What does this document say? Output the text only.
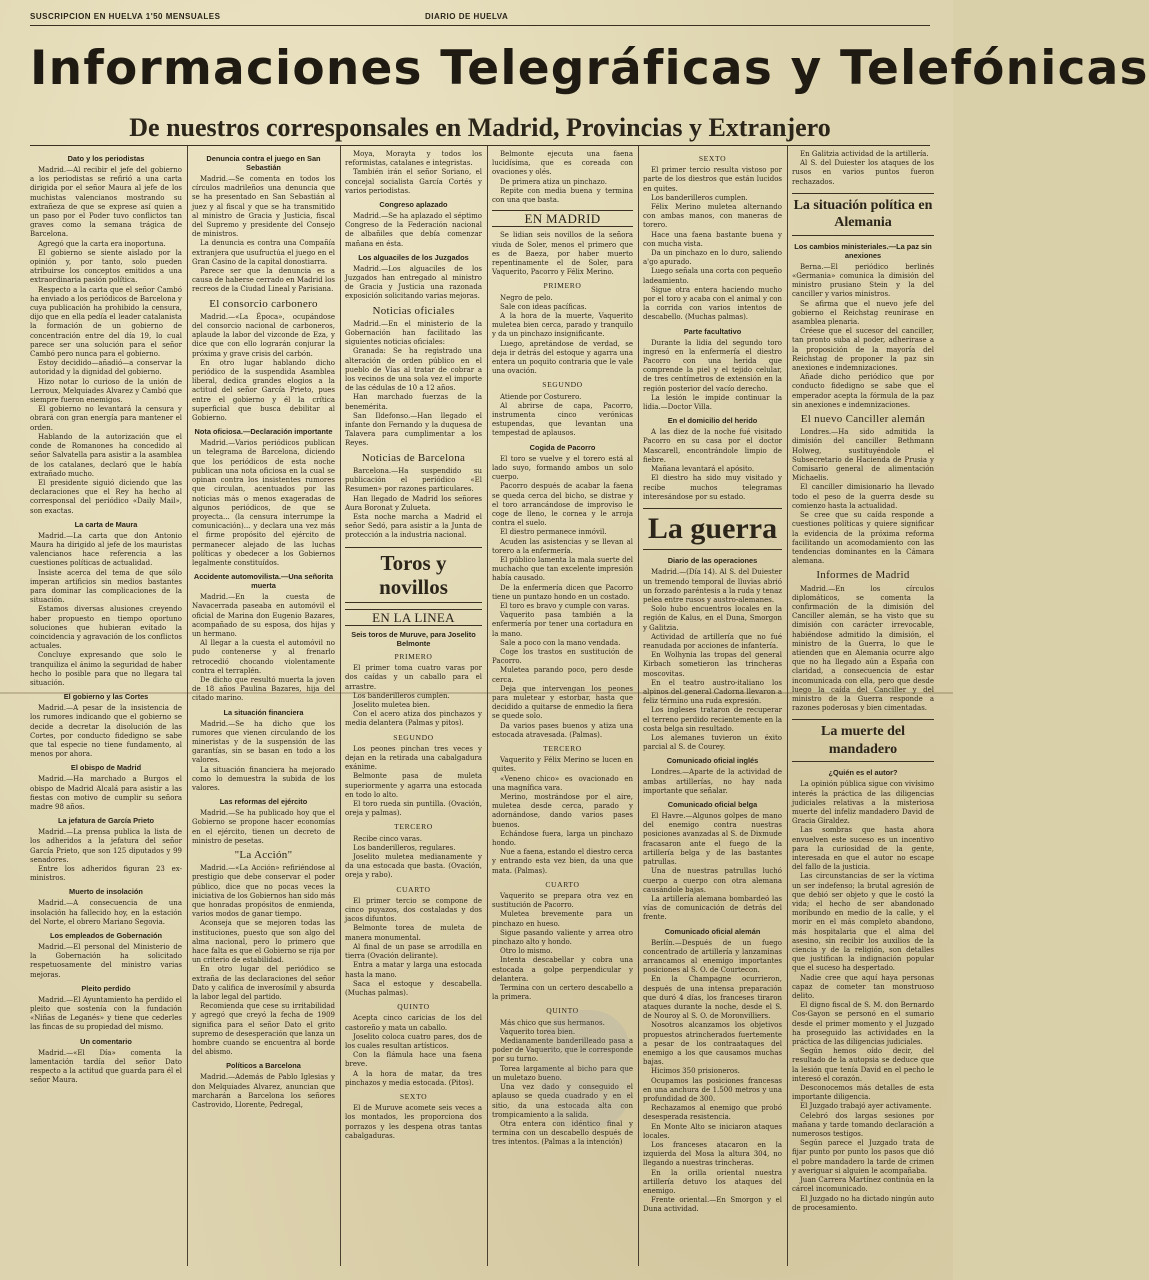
SUSCRIPCION EN HUELVA 1'50 MENSUALES	DIARIO DE HUELVA
Informaciones Telegráficas y Telefónicas
De nuestros corresponsales en Madrid, Provincias y Extranjero
Dato y los periodistas

Madrid.—Al recibir el jefe del gobierno a los periodistas se refirió a una carta dirigida por el señor Maura al jefe de los muchistas valencianos mostrando su extrañeza de que se exprese así quien a un paso por el Poder tuvo conflictos tan graves como la semana trágica de Barcelona.

Agregó que la carta era inoportuna.

El gobierno se siente aislado por la opinión y, por tanto, solo pueden atribuirse los conceptos emitidos a una extraordinaria pasión política.

Respecto a la carta que el señor Cambó ha enviado a los periódicos de Barcelona y cuya publicación ha prohibido la censura, dijo que en ella pedía el leader catalanista la formación de un gobierno de concentración entre del día 19, lo cual parece ser una solución para el señor Cambó pero nunca para el gobierno.

Estoy decidido—añadió—a conservar la autoridad y la dignidad del gobierno.

Hizo notar lo curioso de la unión de Lerroux, Melquiades Alvarez y Cambó que siempre fueron enemigos.

El gobierno no levantará la censura y obrará con gran energía para mantener el orden.

Hablando de la autorización que el conde de Romanones ha concedido al señor Salvatella para asistir a la asamblea de los catalanes, declaró que le había extrañado mucho.

El presidente siguió diciendo que las declaraciones que el Rey ha hecho al corresponsal del periódico «Daily Mail», son exactas.

La carta de Maura

Madrid.—La carta que don Antonio Maura ha dirigido al jefe de los mauristas valencianos hace referencia a las cuestiones políticas de actualidad.

Insiste acerca del tema de que sólo imperan artificios sin medios bastantes para dominar las complicaciones de la situación.

Estamos diversas alusiones creyendo haber propuesto en tiempo oportuno soluciones que hubieran evitado la coincidencia y agravación de los conflictos actuales.

Concluye expresando que solo le tranquiliza el ánimo la seguridad de haber hecho lo posible para que no llegara tal situación.

El gobierno y las Cortes

Madrid.—A pesar de la insistencia de los rumores indicando que el gobierno se decide a decretar la disolución de las Cortes, por conducto fidedigno se sabe que tal especie no tiene fundamento, al menos por ahora.

El obispo de Madrid

Madrid.—Ha marchado a Burgos el obispo de Madrid Alcalá para asistir a las fiestas con motivo de cumplir su señora madre 98 años.

La jefatura de García Prieto

Madrid.—La prensa publica la lista de los adheridos a la jefatura del señor García Prieto, que son 125 diputados y 99 senadores.

Entre los adheridos figuran 23 ex-ministros.

Muerto de insolación

Madrid.—A consecuencia de una insolación ha fallecido hoy, en la estación del Norte, el obrero Mariano Segovia.

Los empleados de Gobernación

Madrid.—El personal del Ministerio de la Gobernación ha solicitado respetuosamente del ministro varias mejoras.

Pleito perdido

Madrid.—El Ayuntamiento ha perdido el pleito que sostenía con la fundación «Niñas de Leganés» y tiene que cederles las fincas de su propiedad del mismo.

Un comentario

Madrid.—«El Día» comenta la lamentación tardía del señor Dato respecto a la actitud que guarda para él el señor Maura.

Denuncia contra el juego en San Sebastián

Madrid.—Se comenta en todos los círculos madrileños una denuncia que se ha presentado en San Sebastián al juez y al fiscal y que se ha transmitido al ministro de Gracia y Justicia, fiscal del Supremo y presidente del Consejo de ministros.

La denuncia es contra una Compañía extranjera que usufructúa el juego en el Gran Casino de la capital donostiarra.

Parece ser que la denuncia es a causa de haberse cerrado en Madrid los recreos de la Ciudad Lineal y Parisiana.

El consorcio carbonero

Madrid.—«La Época», ocupándose del consorcio nacional de carboneros, aplaude la labor del vizconde de Eza, y dice que con ello lograrán conjurar la próxima y grave crisis del carbón.

En otro lugar hablando dicho periódico de la suspendida Asamblea liberal, dedica grandes elogios a la actitud del señor García Prieto, pues entre el gobierno y él la crítica superficial que busca debilitar al Gobierno.

Nota oficiosa.—Declaración importante

Madrid.—Varios periódicos publican un telegrama de Barcelona, diciendo que los periódicos de esta noche publican una nota oficiosa en la cual se opinan contra los insistentes rumores que circulan, acentuados por las noticias más o menos exageradas de algunos periódicos, de que se proyecta... (la censura interrumpe la comunicación)... y declara una vez más el firme propósito del ejército de permanecer alejado de las luchas políticas y obedecer a los Gobiernos legalmente constituídos.

Accidente automovilista.—Una señorita muerta

Madrid.—En la cuesta de Navacerrada paseaba en automóvil el oficial de Marina don Eugenio Bazares, acompañado de su esposa, dos hijas y un hermano.

Al llegar a la cuesta el automóvil no pudo contenerse y al frenarlo retrocedió chocando violentamente contra el terraplén.

De dicho que resultó muerta la joven de 18 años Paulina Bazares, hija del citado marino.

La situación financiera

Madrid.—Se ha dicho que los rumores que vienen circulando de los mineristas y de la suspensión de las garantías, sin se basan en todo a los valores.

La situación financiera ha mejorado como lo demuestra la subida de los valores.

Las reformas del ejército

Madrid.—Se ha publicado hoy que el Gobierno se propone hacer economías en el ejército, tienen un decreto de ministro de pesetas.

"La Acción"

Madrid.—«La Acción» refiriéndose al prestigio que debe conservar el poder público, dice que no pocas veces la iniciativa de los Gobiernos han sido más que honradas propósitos de enmienda, varios modos de ganar tiempo.

Aconseja que se mejoren todas las instituciones, puesto que son algo del alma nacional, pero lo primero que hace falta es que el Gobierno se rija por un criterio de estabilidad.

En otro lugar del periódico se extraña de las declaraciones del señor Dato y califica de inverosímil y absurda la labor legal del partido.

Recomienda que cese su irritabilidad y agregó que creyó la fecha de 1909 significa para el señor Dato el grito supremo de desesperación que lanza un hombre cuando se encuentra al borde del abismo.

Políticos a Barcelona

Madrid.—Además de Pablo Iglesias y don Melquiades Alvarez, anuncian que marcharán a Barcelona los señores Castrovido, Llorente, Pedregal,

Moya, Morayta y todos los reformistas, catalanes e integristas.

También irán el señor Soriano, el concejal socialista García Cortés y varios periodistas.

Congreso aplazado

Madrid.—Se ha aplazado el séptimo Congreso de la Federación nacional de albañiles que debía comenzar mañana en ésta.

Los alguaciles de los Juzgados

Madrid.—Los alguaciles de los Juzgados han entregado al ministro de Gracia y Justicia una razonada exposición solicitando varias mejoras.

Noticias oficiales

Madrid.—En el ministerio de la Gobernación han facilitado las siguientes noticias oficiales:

Granada: Se ha registrado una alteración de orden público en el pueblo de Vías al tratar de cobrar a los vecinos de una sola vez el importe de las cédulas de 10 a 12 años.

Han marchado fuerzas de la benemérita.

San Ildefonso.—Han llegado el infante don Fernando y la duquesa de Talavera para cumplimentar a los Reyes.

Noticias de Barcelona

Barcelona.—Ha suspendido su publicación el periódico «El Resumen» por razones particulares.

Han llegado de Madrid los señores Aura Boronat y Zulueta.

Esta noche marcha a Madrid el señor Sedó, para asistir a la Junta de protección a la industria nacional.

Toros y novillos
EN LA LINEA
Seis toros de Muruve, para Joselito Belmonte
PRIMERO

El primer toma cuatro varas por dos caídas y un caballo para el arrastre.

Los banderilleros cumplen.

Joselito muletea bien.

Con el acero atiza dos pinchazos y media delantera (Palmas y pitos).

SEGUNDO

Los peones pinchan tres veces y dejan en la retirada una cabalgadura exánime.

Belmonte pasa de muleta superiormente y agarra una estocada en todo lo alto.

El toro rueda sin puntilla. (Ovación, oreja y palmas).

TERCERO

Recibe cinco varas.

Los banderilleros, regulares.

Joselito muletea medianamente y da una estocada que basta. (Ovación, oreja y rabo).

CUARTO

El primer tercio se compone de cinco puyazos, dos costaladas y dos jacos difuntos.

Belmonte torea de muleta de manera monumental.

Al final de un pase se arrodilla en tierra (Ovación delirante).

Entra a matar y larga una estocada hasta la mano.

Saca el estoque y descabella. (Muchas palmas).

QUINTO

Acepta cinco caricias de los del castoreño y mata un caballo.

Joselito coloca cuatro pares, dos de los cuales resultan artísticos.

Con la flámula hace una faena breve.

A la hora de matar, da tres pinchazos y media estocada. (Pitos).

SEXTO

El de Muruve acomete seis veces a los montados, les proporciona dos porrazos y les despena otras tantas cabalgaduras.

Belmonte ejecuta una faena lucidísima, que es coreada con ovaciones y olés.

De primera atiza un pinchazo.

Repite con media buena y termina con una que basta.

EN MADRID

Se lidian seis novillos de la señora viuda de Soler, menos el primero que es de Baeza, por haber muerto repentinamente el de Soler, para Vaquerito, Pacorro y Félix Merino.

PRIMERO

Negro de pelo.

Sale con ideas pacíficas.

A la hora de la muerte, Vaquerito muletea bien cerca, parado y tranquilo y da un pinchazo insignificante.

Luego, apretándose de verdad, se deja ir detrás del estoque y agarra una entera un poquito contraria que le vale una ovación.

SEGUNDO

Atiende por Costurero.

Al abrirse de capa, Pacorro, instrumenta cinco verónicas estupendas, que levantan una tempestad de aplausos.

Cogida de Pacorro

El toro se vuelve y el torero está al lado suyo, formando ambos un solo cuerpo.

Pacorro después de acabar la faena se queda cerca del bicho, se distrae y el toro arrancándose de improviso le coge de lleno, le cornea y le arroja contra el suelo.

El diestro permanece inmóvil.

Acuden las asistencias y se llevan al torero a la enfermería.

El público lamenta la mala suerte del muchacho que tan excelente impresión había causado.

De la enfermería dicen que Pacorro tiene un puntazo hondo en un costado.

El toro es bravo y cumple con varas.

Vaquerito pasa también a la enfermería por tener una cortadura en la mano.

Sale a poco con la mano vendada.

Coge los trastos en sustitución de Pacorro.

Muletea parando poco, pero desde cerca.

Deja que intervengan los peones para muletear y estorbar, hasta que decidido a quitarse de enmedio la fiera se quede solo.

Da varios pases buenos y atiza una estocada atravesada. (Palmas).

TERCERO

Vaquerito y Félix Merino se lucen en quites.

«Veneno chico» es ovacionado en una magnífica vara.

Merino, mostrándose por el aire, muletea desde cerca, parado y adornándose, dando varios pases buenos.

Echándose fuera, larga un pinchazo hondo.

Nue a faena, estando el diestro cerca y entrando esta vez bien, da una que mata. (Palmas).

CUARTO

Vaquerito se prepara otra vez en sustitución de Pacorro.

Muletea brevemente para un pinchazo en hueso.

Sigue pasando valiente y arrea otro pinchazo alto y hondo.

Otro lo mismo.

Intenta descabellar y cobra una estocada a golpe perpendicular y delantera.

Termina con un certero descabello a la primera.

QUINTO

Más chico que sus hermanos.

Vaquerito torea bien.

Medianamente banderilleado pasa a poder de Vaquerito, que le corresponde por su turno.

Torea largamente al bicho para que un muletazo bueno.

Una vez dado y conseguido el aplauso se queda cuadrado y en el sitio, da una estocada alta con trompicamiento a la salida.

Otra entera con idéntico final y termina con un descabello después de tres intentos. (Palmas a la intención)

SEXTO

El primer tercio resulta vistoso por parte de los diestros que están lucidos en quites.

Los banderilleros cumplen.

Félix Merino muletea alternando con ambas manos, con maneras de torero.

Hace una faena bastante buena y con mucha vista.

Da un pinchazo en lo duro, saliendo a'go apurado.

Luego señala una corta con pequeño ladeamiento.

Sigue otra entera haciendo mucho por el toro y acaba con el animal y con la corrida con varios intentos de descabello. (Muchas palmas).

Parte facultativo

Durante la lidia del segundo toro ingresó en la enfermería el diestro Pacorro con una herida que comprende la piel y el tejido celular, de tres centímetros de extensión en la región posterior del vacío derecho.

La lesión le impide continuar la lidia.—Doctor Villa.

En el domicilio del herido

A las diez de la noche fué visitado Pacorro en su casa por el doctor Mascarell, encontrándole limpio de fiebre.

Mañana levantará el apósito.

El diestro ha sido muy visitado y recibe muchos telegramas interesándose por su estado.

La guerra
Diario de las operaciones

Madrid.—(Día 14). Al S. del Duiester un tremendo temporal de lluvias abrió un forzado paréntesis a la ruda y tenaz pelea entre rusos y austro-alemanes.

Solo hubo encuentros locales en la región de Kalus, en el Duna, Smorgon y Galitzia.

Actividad de artillería que no fué reanudada por acciones de infantería.

En Wolhynia las tropas del general Kirbach sometieron las trincheras moscovitas.

En el teatro austro-italiano los alpinos del general Cadorna llevaron a feliz término una ruda expresión.

Los ingleses trataron de recuperar el terreno perdido recientemente en la costa belga sin resultado.

Los alemanes tuvieron un éxito parcial al S. de Courey.

Comunicado oficial inglés

Londres.—Aparte de la actividad de ambas artillerías, no hay nada importante que señalar.

Comunicado oficial belga

El Havre.—Algunos golpes de mano del enemigo contra nuestras posiciones avanzadas al S. de Dixmude fracasaron ante el fuego de la artillería belga y de las bastantes patrullas.

Una de nuestras patrullas luchó cuerpo a cuerpo con otra alemana causándole bajas.

La artillería alemana bombardeó las vías de comunicación de detrás del frente.

Comunicado oficial alemán

Berlín.—Después de un fuego concentrado de artillería y lanzaminas arrancamos al enemigo importantes posiciones al S. O. de Courtecon.

En la Champagne ocurrieron, después de una intensa preparación que duró 4 días, los franceses tiraron ataques durante la noche, desde el S. de Nouroy al S. O. de Moronvilliers.

Nosotros alcanzamos los objetivos propuestos atrincherados fuertemente a pesar de los contraataques del enemigo a los que causamos muchas bajas.

Hicimos 350 prisioneros.

Ocupamos las posiciones francesas en una anchura de 1.500 metros y una profundidad de 300.

Rechazamos al enemigo que probó desesperada resistencia.

En Monte Alto se iniciaron ataques locales.

Los franceses atacaron en la izquierda del Mosa la altura 304, no llegando a nuestras trincheras.

En la orilla oriental nuestra artillería detuvo los ataques del enemigo.

Frente oriental.—En Smorgon y el Duna actividad.

En Galitzia actividad de la artillería.

Al S. del Duiester los ataques de los rusos en varios puntos fueron rechazados.

La situación política en Alemania
Los cambios ministeriales.—La paz sin anexiones

Berna.—El periódico berlinés «Germania» comunica la dimisión del ministro prusiano Stein y la del canciller y varios ministros.

Se afirma que el nuevo jefe del gobierno el Reichstag reunirase en asamblea plenaria.

Créese que el sucesor del canciller, tan pronto suba al poder, adherirase a la proposición de la mayoría del Reichstag de proponer la paz sin anexiones e indemnizaciones.

Añade dicho periódico que por conducto fidedigno se sabe que el emperador acepta la fórmula de la paz sin anexiones e indemnizaciones.

El nuevo Canciller alemán

Londres.—Ha sido admitida la dimisión del canciller Bethmann Holweg, sustituyéndole el Subsecretario de Hacienda de Prusia y Comisario general de alimentación Michaelis.

El canciller dimisionario ha llevado todo el peso de la guerra desde su comienzo hasta la actualidad.

Se cree que su caída responde a cuestiones políticas y quiere significar la evidencia de la próxima reforma facilitando un acomodamiento con las tendencias dominantes en la Cámara alemana.

Informes de Madrid

Madrid.—En los círculos diplomáticos, se comenta la confirmación de la dimisión del Canciller alemán, se ha visto que su dimisión con carácter irrevocable, habiéndose admitido la dimisión, el ministro de la Guerra, lo que le atienden que en Alemania ocurre algo que no ha llegado aún a España con claridad, a consecuencia de estar incomunicada con ella, pero que desde luego la caída del Canciller y del ministro de la Guerra responde a razones poderosas y bien cimentadas.

La muerte del mandadero
¿Quién es el autor?

La opinión pública sigue con vivísimo interés la práctica de las diligencias judiciales relativas a la misteriosa muerte del infeliz mandadero David de Gracia Giraldez.

Las sombras que hasta ahora envuelven este suceso es un incentivo para la curiosidad de la gente, interesada en que el autor no escape del fallo de la justicia.

Las circunstancias de ser la víctima un ser indefenso; la brutal agresión de que debió ser objeto y que le costó la vida; el hecho de ser abandonado moribundo en medio de la calle, y el morir en el más completo abandono, más hospitalaria que el alma del asesino, sin recibir los auxilios de la ciencia y de la religión, son detalles que justifican la indignación popular que el suceso ha despertado.

Nadie cree que aquí haya personas capaz de cometer tan monstruoso delito.

El digno fiscal de S. M. don Bernardo Cos-Gayon se personó en el sumario desde el primer momento y el Juzgado ha proseguido las actividades en la práctica de las diligencias judiciales.

Según hemos oído decir, del resultado de la autopsia se deduce que la lesión que tenía David en el pecho le interesó el corazón.

Desconocemos más detalles de esta importante diligencia.

El Juzgado trabajó ayer activamente.

Celebró dos largas sesiones por mañana y tarde tomando declaración a numerosos testigos.

Según parece el Juzgado trata de fijar punto por punto los pasos que dió el pobre mandadero la tarde de crimen y averiguar si alguien le acompañaba.

Juan Carrera Martínez continúa en la cárcel incomunicado.

El Juzgado no ha dictado ningún auto de procesamiento.
